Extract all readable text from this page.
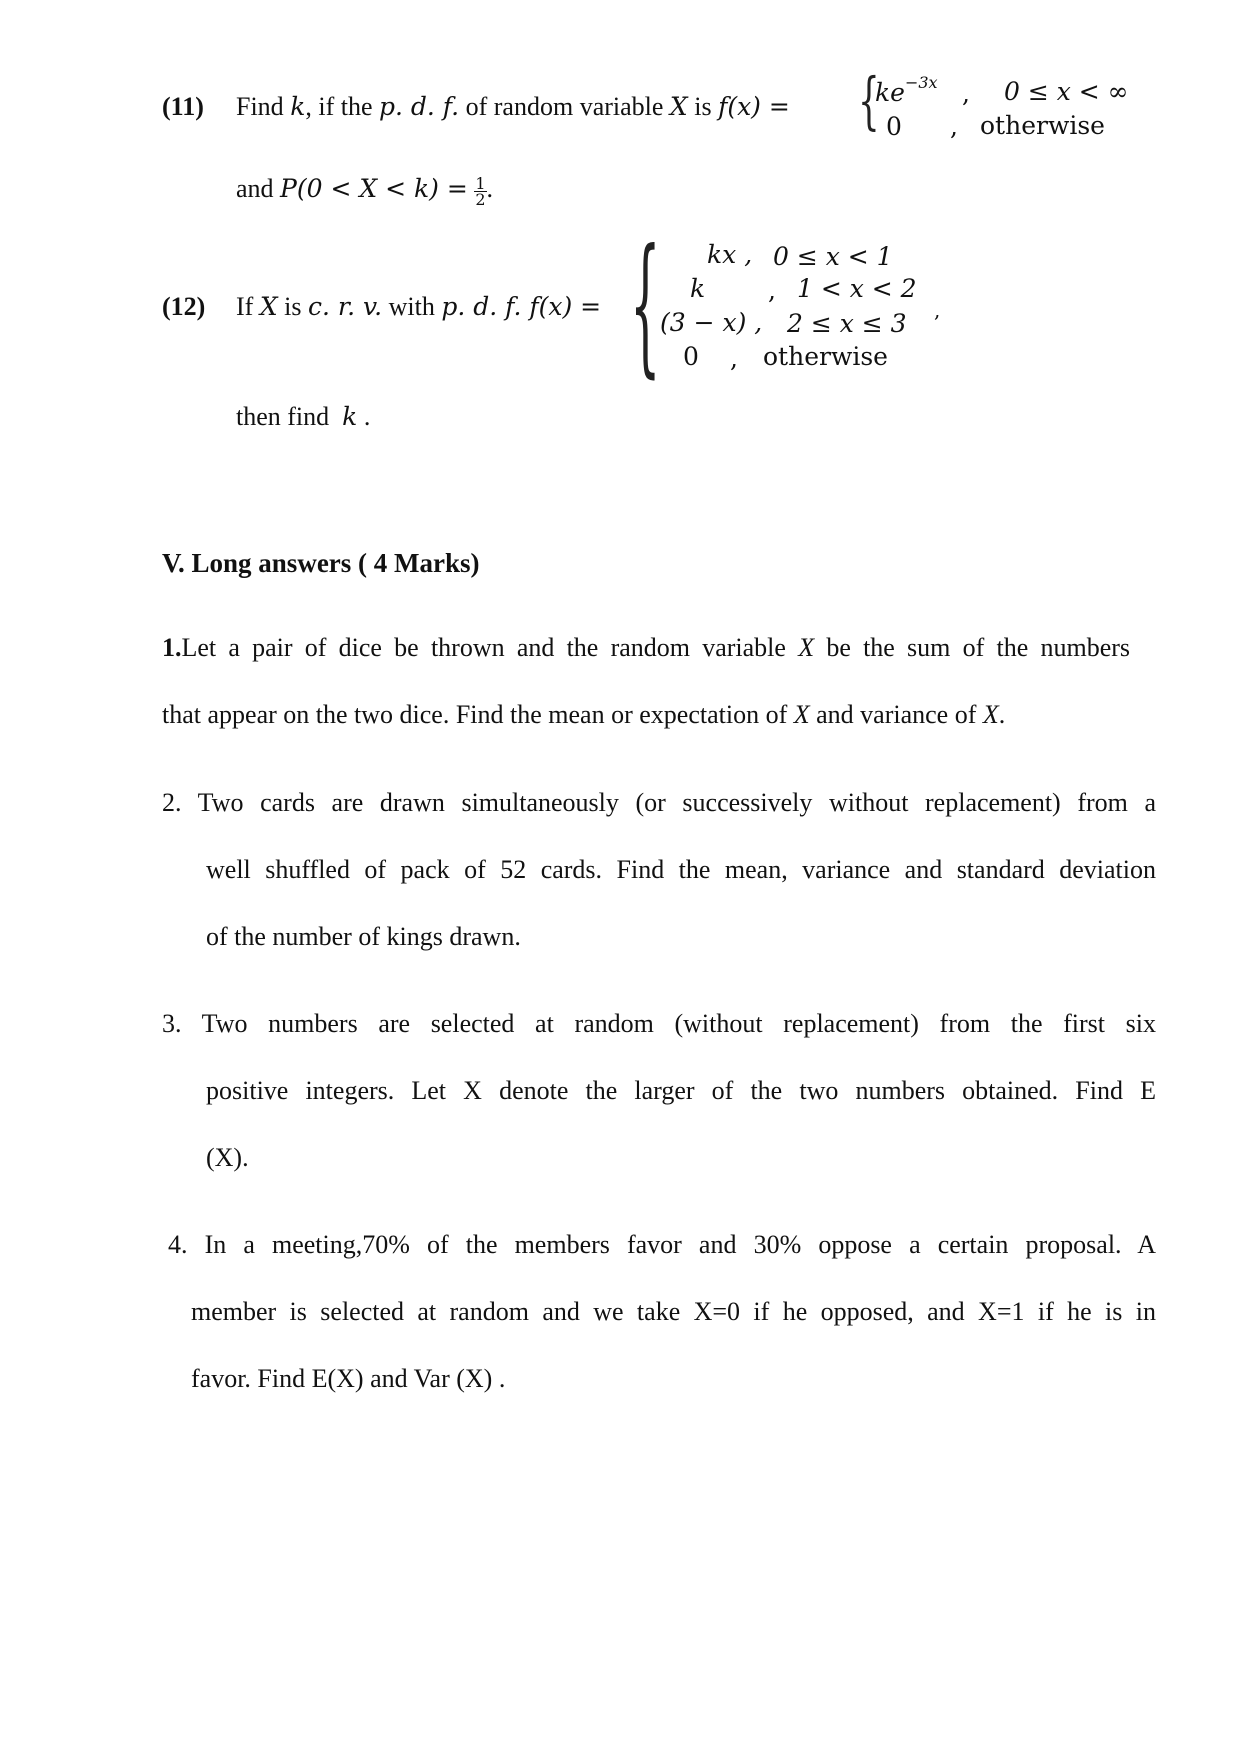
(11) Find k, if the p. d. f. of random variable X is f(x) = {
$ke^{-3x}$ , 0 ≤ x < ∞
0 , otherwise
and $P(0 < X < k) = \frac{1}{2}$ .
(12) If X is c. r. v. with p. d. f. f(x) = { kx , 0 ≤ x < 1
k	, 1 < x < 2
(3 − x) , 2 ≤ x ≤ 3
0 , otherwise
,
then find k .
V. Long answers ( 4 Marks)
1.Let a pair of dice be thrown and the random variable X be the sum of the numbers
that appear on the two dice. Find the mean or expectation of X and variance of X.
2. Two cards are drawn simultaneously (or successively without replacement) from a
well shuffled of pack of 52 cards. Find the mean, variance and standard deviation
of the number of kings drawn.
3. Two numbers are selected at random (without replacement) from the first six
positive integers. Let X denote the larger of the two numbers obtained. Find E
(X).
4. In a meeting,70% of the members favor and 30% oppose a certain proposal. A
member is selected at random and we take X=0 if he opposed, and X=1 if he is in
favor. Find E(X) and Var (X) .
